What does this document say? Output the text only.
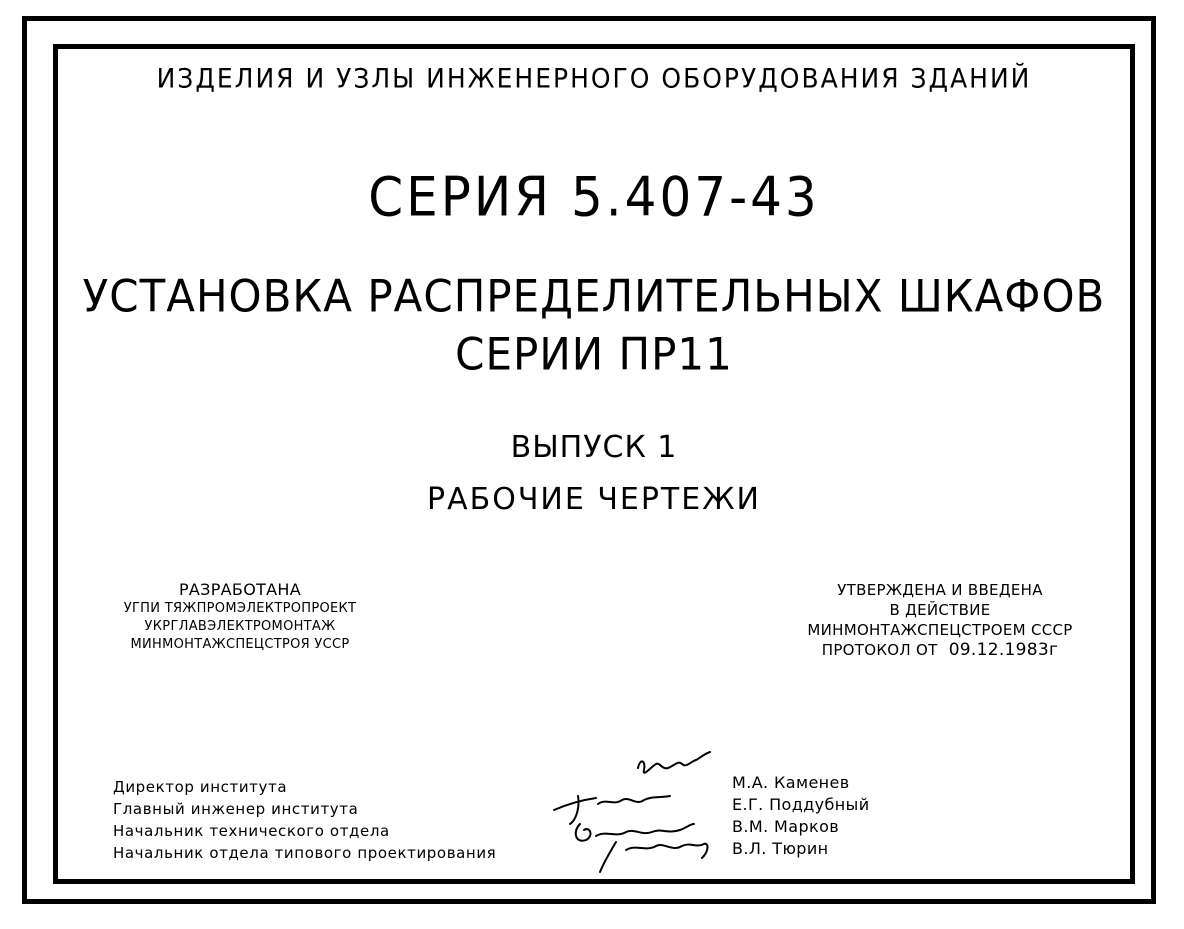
ИЗДЕЛИЯ И УЗЛЫ ИНЖЕНЕРНОГО ОБОРУДОВАНИЯ ЗДАНИЙ
СЕРИЯ 5.407-43
УСТАНОВКА РАСПРЕДЕЛИТЕЛЬНЫХ ШКАФОВ
СЕРИИ ПР11
ВЫПУСК 1
РАБОЧИЕ ЧЕРТЕЖИ
РАЗРАБОТАНА
УГПИ ТЯЖПРОМЭЛЕКТРОПРОЕКТ
УКРГЛАВЭЛЕКТРОМОНТАЖ
МИНМОНТАЖСПЕЦСТРОЯ УССР
УТВЕРЖДЕНА И ВВЕДЕНА
В ДЕЙСТВИЕ
МИНМОНТАЖСПЕЦСТРОЕМ СССР
ПРОТОКОЛ ОТ 09.12.1983г
Директор института
Главный инженер института
Начальник технического отдела
Начальник отдела типового проектирования
М.А. Каменев
Е.Г. Поддубный
В.М. Марков
В.Л. Тюрин
